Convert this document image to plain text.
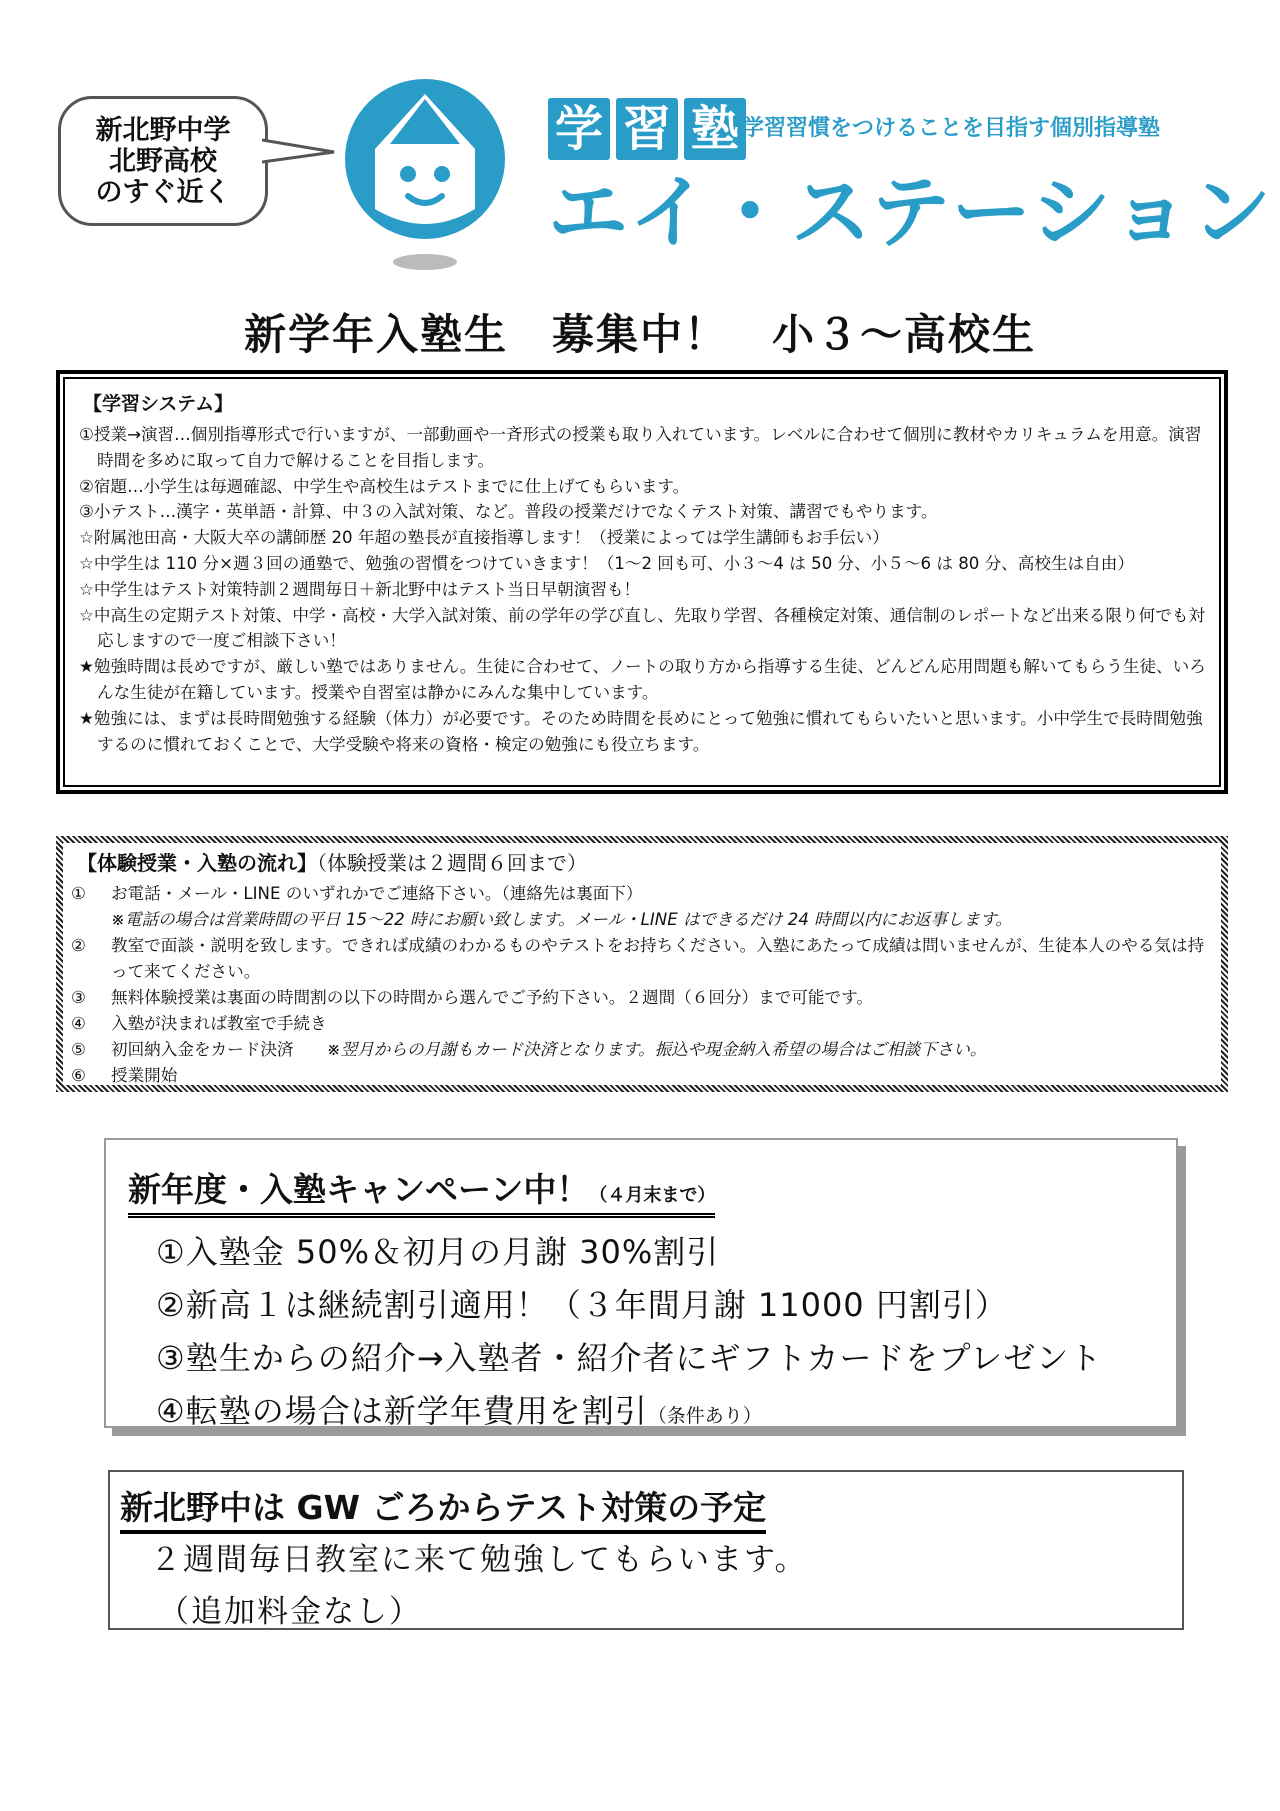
新北野中学
北野高校
のすぐ近く
学 習 塾 学習習慣をつけることを目指す個別指導塾
エイ・ステーション
新学年入塾生　募集中！　小３～高校生
【学習システム】
①授業→演習…個別指導形式で行いますが、一部動画や一斉形式の授業も取り入れています。レベルに合わせて個別に教材やカリキュラムを用意。演習時間を多めに取って自力で解けることを目指します。
②宿題…小学生は毎週確認、中学生や高校生はテストまでに仕上げてもらいます。
③小テスト…漢字・英単語・計算、中３の入試対策、など。普段の授業だけでなくテスト対策、講習でもやります。
☆附属池田高・大阪大卒の講師歴 20 年超の塾長が直接指導します！（授業によっては学生講師もお手伝い）
☆中学生は 110 分×週３回の通塾で、勉強の習慣をつけていきます！（1～2 回も可、小３～4 は 50 分、小５～6 は 80 分、高校生は自由）
☆中学生はテスト対策特訓２週間毎日＋新北野中はテスト当日早朝演習も！
☆中高生の定期テスト対策、中学・高校・大学入試対策、前の学年の学び直し、先取り学習、各種検定対策、通信制のレポートなど出来る限り何でも対応しますので一度ご相談下さい！
★勉強時間は長めですが、厳しい塾ではありません。生徒に合わせて、ノートの取り方から指導する生徒、どんどん応用問題も解いてもらう生徒、いろんな生徒が在籍しています。授業や自習室は静かにみんな集中しています。
★勉強には、まずは長時間勉強する経験（体力）が必要です。そのため時間を長めにとって勉強に慣れてもらいたいと思います。小中学生で長時間勉強するのに慣れておくことで、大学受験や将来の資格・検定の勉強にも役立ちます。
【体験授業・入塾の流れ】（体験授業は２週間６回まで）
①	お電話・メール・LINE のいずれかでご連絡下さい。（連絡先は裏面下）
※電話の場合は営業時間の平日 15～22 時にお願い致します。メール・LINE はできるだけ 24 時間以内にお返事します。
②	教室で面談・説明を致します。できれば成績のわかるものやテストをお持ちください。入塾にあたって成績は問いませんが、生徒本人のやる気は持って来てください。
③	無料体験授業は裏面の時間割の以下の時間から選んでご予約下さい。２週間（６回分）まで可能です。
④	入塾が決まれば教室で手続き
⑤	初回納入金をカード決済　　 ※翌月からの月謝もカード決済となります。振込や現金納入希望の場合はご相談下さい。
⑥	授業開始
新年度・入塾キャンペーン中！（４月末まで）
①入塾金 50%＆初月の月謝 30%割引
②新高１は継続割引適用！（３年間月謝 11000 円割引）
③塾生からの紹介→入塾者・紹介者にギフトカードをプレゼント
④転塾の場合は新学年費用を割引（条件あり）
新北野中は GW ごろからテスト対策の予定
２週間毎日教室に来て勉強してもらいます。
（追加料金なし）
